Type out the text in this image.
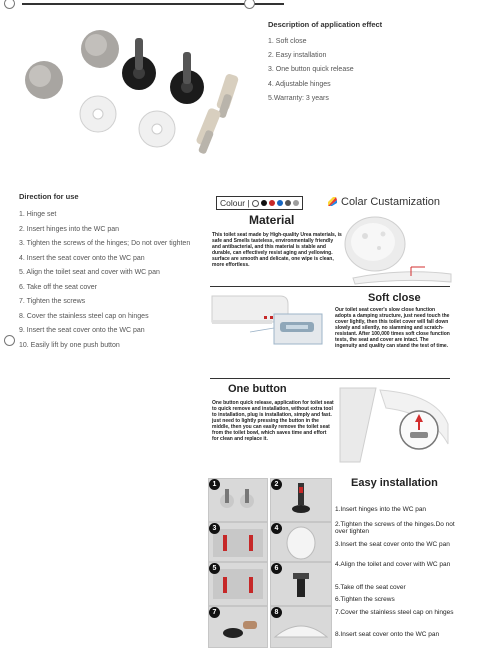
Description of application effect
1. Soft close
2. Easy installation
3. One button quick release
4. Adjustable hinges
5.Warranty: 3 years
Direction for use
1. Hinge set
2. Insert hinges into the WC pan
3. Tighten the screws of the hinges; Do not over tighten
4. Insert the seat cover onto the WC pan
5. Align the toilet seat and cover with WC pan
6. Take off the seat cover
7. Tighten the screws
8. Cover the stainless steel cap on hinges
9. Insert the seat cover onto the WC pan
10. Easily lift by one push button
Colour |	Colar Custamization
Material
This toilet seat made by High-quality Urea materials, is safe and Smells tasteless, environmentally friendly and antibacterial, and this material is stable and durable, can effectively resist aging and yellowing. surface are smooth and delicate, one wipe is clean, more effortless.
Soft close
Our toilet seat cover's slow close function adopts a damping structure, just need touch the cover lightly, then this toilet cover will fall down slowly and silently, no slamming and scratch-resistant. After 100,000 times soft close function tests, the seat and cover are intact. The ingenuity and quality can stand the test of time.
One button
One button quick release, application for toilet seat to quick remove and installation, without extra tool to installation, plug is installation, simply and fast. just need to lightly pressing the button in the middle, then you can easily remove the toilet seat from the toilet bowl, which saves time and effort for clean and replace it.
Easy installation
1	2
3	4
5	6
7	8
1.Insert hinges into the WC pan
2.Tighten the screws of the hinges.Do not over tighten
3.Insert the seat cover onto the WC pan
4.Align the toilet and cover with WC pan
5.Take off the seat cover
6.Tighten the screws
7.Cover the stainless steel cap on hinges
8.Insert seat cover onto the WC pan
